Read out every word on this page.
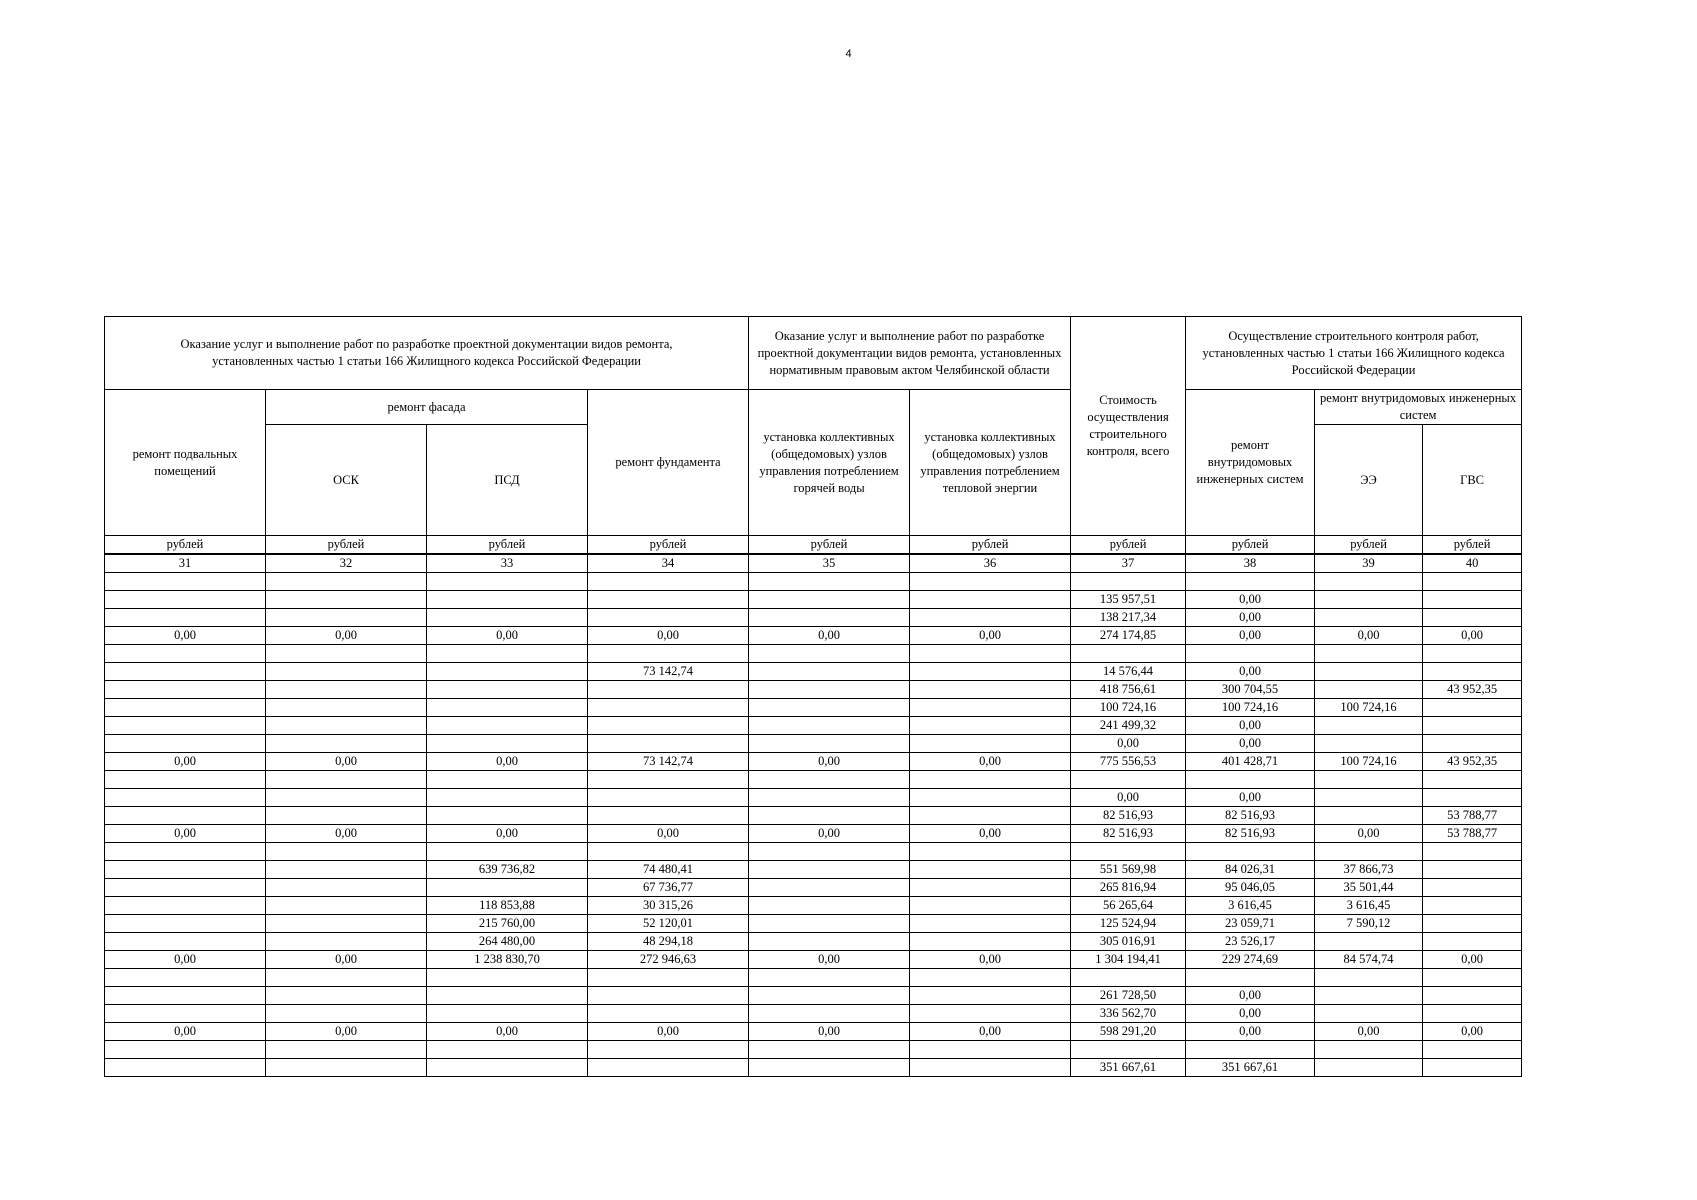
4
Оказание услуг и выполнение работ по разработке проектной документации видов ремонта, установленных частью 1 статьи 166 Жилищного кодекса Российской Федерации				Оказание услуг и выполнение работ по разработке проектной документации видов ремонта, установленных нормативным правовым актом Челябинской области		Стоимость осуществления строительного контроля, всего	Осуществление строительного контроля работ, установленных частью 1 статьи 166 Жилищного кодекса Российской Федерации		
ремонт подвальных помещений	ремонт фасада		ремонт фундамента	установка коллективных (общедомовых) узлов управления потреблением горячей воды	установка коллективных (общедомовых) узлов управления потреблением тепловой энергии		ремонт внутридомовых инженерных систем	ремонт внутридомовых инженерных систем	
	ОСК	ПСД						ЭЭ	ГВС
рублей	рублей	рублей	рублей	рублей	рублей	рублей	рублей	рублей	рублей
31	32	33	34	35	36	37	38	39	40

						135 957,51	0,00		
						138 217,34	0,00		
0,00	0,00	0,00	0,00	0,00	0,00	274 174,85	0,00	0,00	0,00

			73 142,74			14 576,44	0,00		
						418 756,61	300 704,55		43 952,35
						100 724,16	100 724,16	100 724,16	
						241 499,32	0,00		
						0,00	0,00		
0,00	0,00	0,00	73 142,74	0,00	0,00	775 556,53	401 428,71	100 724,16	43 952,35

						0,00	0,00		
						82 516,93	82 516,93		53 788,77
0,00	0,00	0,00	0,00	0,00	0,00	82 516,93	82 516,93	0,00	53 788,77

		639 736,82	74 480,41			551 569,98	84 026,31	37 866,73	
			67 736,77			265 816,94	95 046,05	35 501,44	
		118 853,88	30 315,26			56 265,64	3 616,45	3 616,45	
		215 760,00	52 120,01			125 524,94	23 059,71	7 590,12	
		264 480,00	48 294,18			305 016,91	23 526,17		
0,00	0,00	1 238 830,70	272 946,63	0,00	0,00	1 304 194,41	229 274,69	84 574,74	0,00

						261 728,50	0,00		
						336 562,70	0,00		
0,00	0,00	0,00	0,00	0,00	0,00	598 291,20	0,00	0,00	0,00

						351 667,61	351 667,61		
